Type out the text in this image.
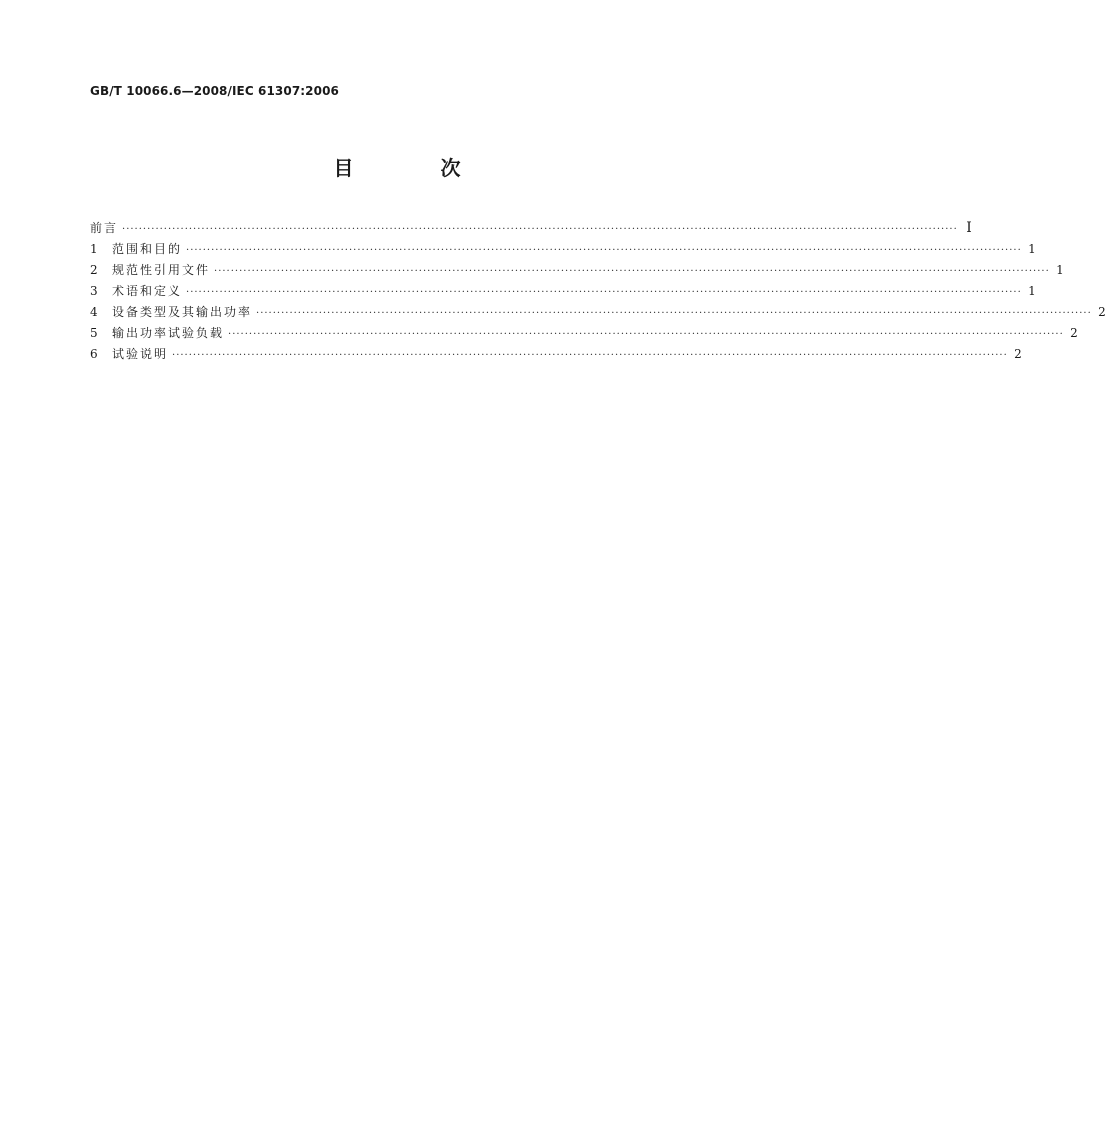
GB/T 10066.6—2008/IEC 61307:2006
目 次
前言 ········································································································································································································ Ⅰ
1	范围和目的 ········································································································································································································ 1
2	规范性引用文件 ········································································································································································································ 1
3	术语和定义 ········································································································································································································ 1
4	设备类型及其输出功率 ········································································································································································································ 2
5	输出功率试验负载 ········································································································································································································ 2
6	试验说明 ········································································································································································································ 2
